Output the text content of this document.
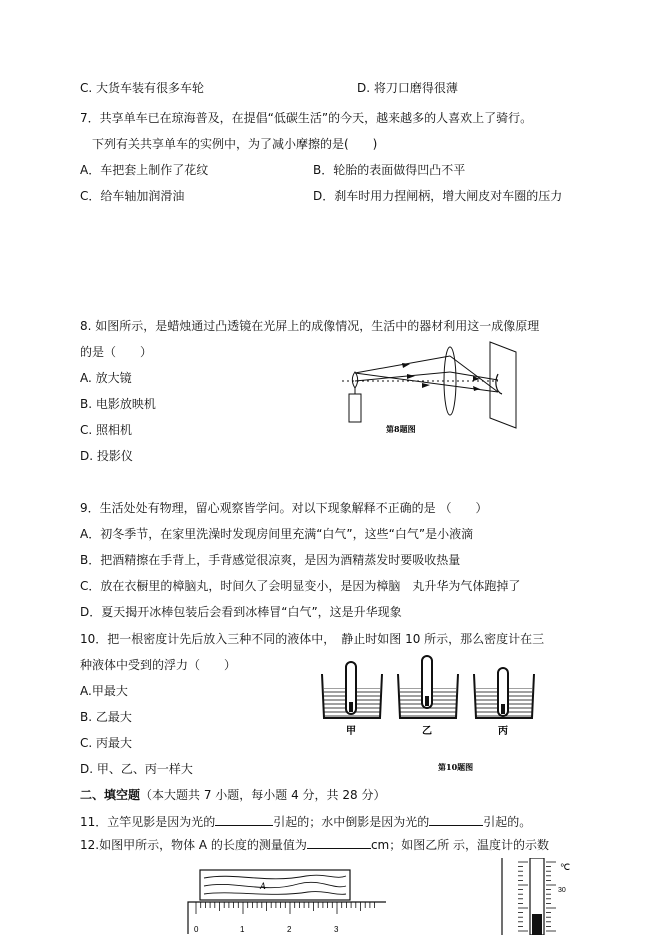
C. 大货车装有很多车轮	D. 将刀口磨得很薄
7．共享单车已在琼海普及，在提倡“低碳生活”的今天，越来越多的人喜欢上了骑行。
下列有关共享单车的实例中，为了减小摩擦的是(　　)
A．车把套上制作了花纹	B．轮胎的表面做得凹凸不平
C．给车轴加润滑油	D．刹车时用力捏闸柄，增大闸皮对车圈的压力
8. 如图所示，是蜡烛通过凸透镜在光屏上的成像情况，生活中的器材利用这一成像原理
的是（　　）
A. 放大镜
B. 电影放映机
C. 照相机
D. 投影仪
第8题图
9．生活处处有物理，留心观察皆学问。对以下现象解释不正确的是 （　　）
A．初冬季节，在家里洗澡时发现房间里充满“白气”，这些“白气”是小液滴
B．把酒精擦在手背上，手背感觉很凉爽，是因为酒精蒸发时要吸收热量
C．放在衣橱里的樟脑丸，时间久了会明显变小，是因为樟脑　丸升华为气体跑掉了
D．夏天揭开冰棒包装后会看到冰棒冒“白气”，这是升华现象
10．把一根密度计先后放入三种不同的液体中，　静止时如图 10 所示，那么密度计在三
种液体中受到的浮力（　　）
A.甲最大
B. 乙最大
C. 丙最大
D. 甲、乙、丙一样大
甲	乙	丙
第10题图
二、填空题（本大题共 7 小题，每小题 4 分，共 28 分）
11．立竿见影是因为光的	引起的；水中倒影是因为光的	引起的。
12.如图甲所示，物体 A 的长度的测量值为	cm；如图乙所 示，温度计的示数
A
0	1	2	3
℃
30
